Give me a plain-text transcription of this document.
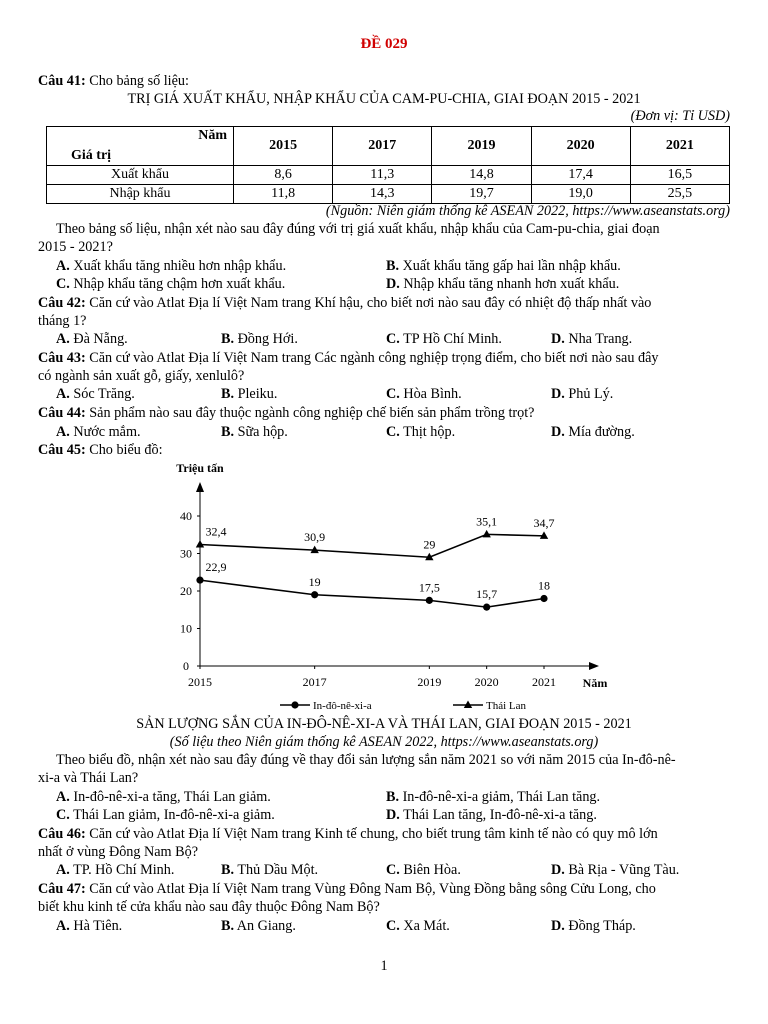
ĐỀ 029
Câu 41: Cho bảng số liệu:
TRỊ GIÁ XUẤT KHẨU, NHẬP KHẨU CỦA CAM-PU-CHIA, GIAI ĐOẠN 2015 - 2021
(Đơn vị: Tỉ USD)
Năm
Giá trị	2015	2017	2019	2020	2021
Xuất khẩu	8,6	11,3	14,8	17,4	16,5
Nhập khẩu	11,8	14,3	19,7	19,0	25,5
(Nguồn: Niên giám thống kê ASEAN 2022, https://www.aseanstats.org)
Theo bảng số liệu, nhận xét nào sau đây đúng với trị giá xuất khẩu, nhập khẩu của Cam-pu-chia, giai đoạn
2015 - 2021?
A. Xuất khẩu tăng nhiều hơn nhập khẩu.	B. Xuất khẩu tăng gấp hai lần nhập khẩu.
C. Nhập khẩu tăng chậm hơn xuất khẩu.	D. Nhập khẩu tăng nhanh hơn xuất khẩu.
Câu 42: Căn cứ vào Atlat Địa lí Việt Nam trang Khí hậu, cho biết nơi nào sau đây có nhiệt độ thấp nhất vào
tháng 1?
A. Đà Nẵng.	B. Đồng Hới.	C. TP Hồ Chí Minh.	D. Nha Trang.
Câu 43: Căn cứ vào Atlat Địa lí Việt Nam trang Các ngành công nghiệp trọng điểm, cho biết nơi nào sau đây
có ngành sản xuất gỗ, giấy, xenlulô?
A. Sóc Trăng.	B. Pleiku.	C. Hòa Bình.	D. Phủ Lý.
Câu 44: Sản phẩm nào sau đây thuộc ngành công nghiệp chế biến sản phẩm trồng trọt?
A. Nước mắm.	B. Sữa hộp.	C. Thịt hộp.	D. Mía đường.
Câu 45: Cho biểu đồ:
Triệu tấn
Năm
0
10
20
30
40
2015	2017	2019	2020	2021
22,9
19	17,5	15,7
18
32,4	30,9
29
35,1	34,7
In-đô-nê-xi-a	Thái Lan
SẢN LƯỢNG SẮN CỦA IN-ĐÔ-NÊ-XI-A VÀ THÁI LAN, GIAI ĐOẠN 2015 - 2021
(Số liệu theo Niên giám thống kê ASEAN 2022, https://www.aseanstats.org)
Theo biểu đồ, nhận xét nào sau đây đúng về thay đổi sản lượng sắn năm 2021 so với năm 2015 của In-đô-nê-
xi-a và Thái Lan?
A. In-đô-nê-xi-a tăng, Thái Lan giảm.	B. In-đô-nê-xi-a giảm, Thái Lan tăng.
C. Thái Lan giảm, In-đô-nê-xi-a giảm.	D. Thái Lan tăng, In-đô-nê-xi-a tăng.
Câu 46: Căn cứ vào Atlat Địa lí Việt Nam trang Kinh tế chung, cho biết trung tâm kinh tế nào có quy mô lớn
nhất ở vùng Đông Nam Bộ?
A. TP. Hồ Chí Minh.	B. Thủ Dầu Một.	C. Biên Hòa.	D. Bà Rịa - Vũng Tàu.
Câu 47: Căn cứ vào Atlat Địa lí Việt Nam trang Vùng Đông Nam Bộ, Vùng Đồng bằng sông Cửu Long, cho
biết khu kinh tế cửa khẩu nào sau đây thuộc Đông Nam Bộ?
A. Hà Tiên.	B. An Giang.	C. Xa Mát.	D. Đồng Tháp.
1
